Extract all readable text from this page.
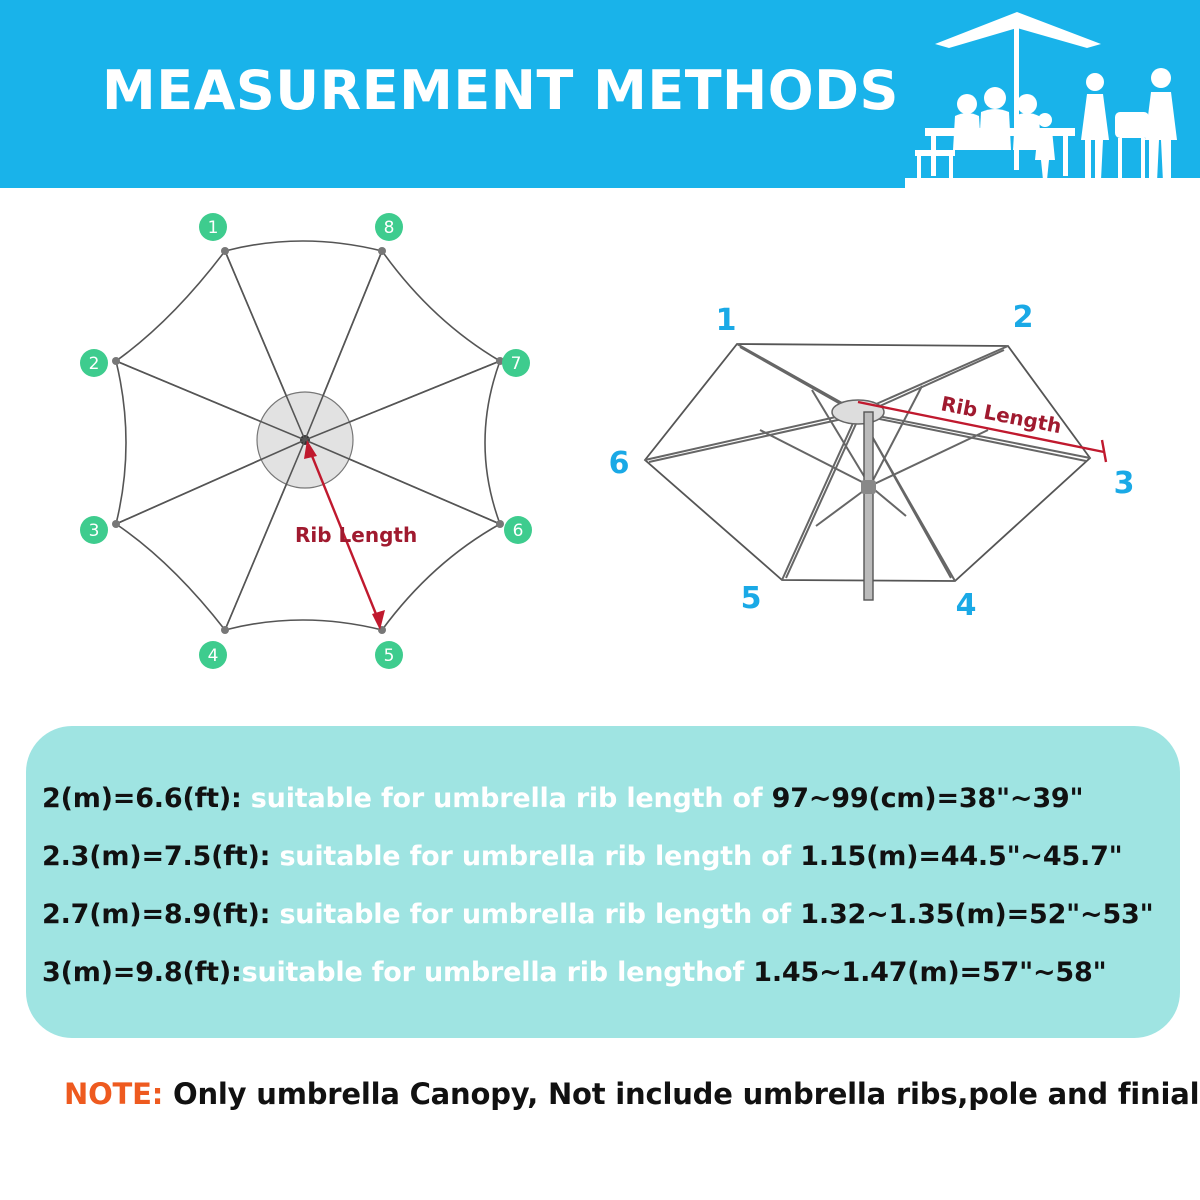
MEASUREMENT METHODS
Rib Length
1
2
3
4	5
6
7
8
Rib Length
1	2
3
4
5
6
2(m)=6.6(ft): suitable for umbrella rib length of 97~99(cm)=38"~39"
2.3(m)=7.5(ft): suitable for umbrella rib length of 1.15(m)=44.5"~45.7"
2.7(m)=8.9(ft): suitable for umbrella rib length of 1.32~1.35(m)=52"~53"
3(m)=9.8(ft):suitable for umbrella rib lengthof 1.45~1.47(m)=57"~58"

NOTE: Only umbrella Canopy, Not include umbrella ribs,pole and finial
